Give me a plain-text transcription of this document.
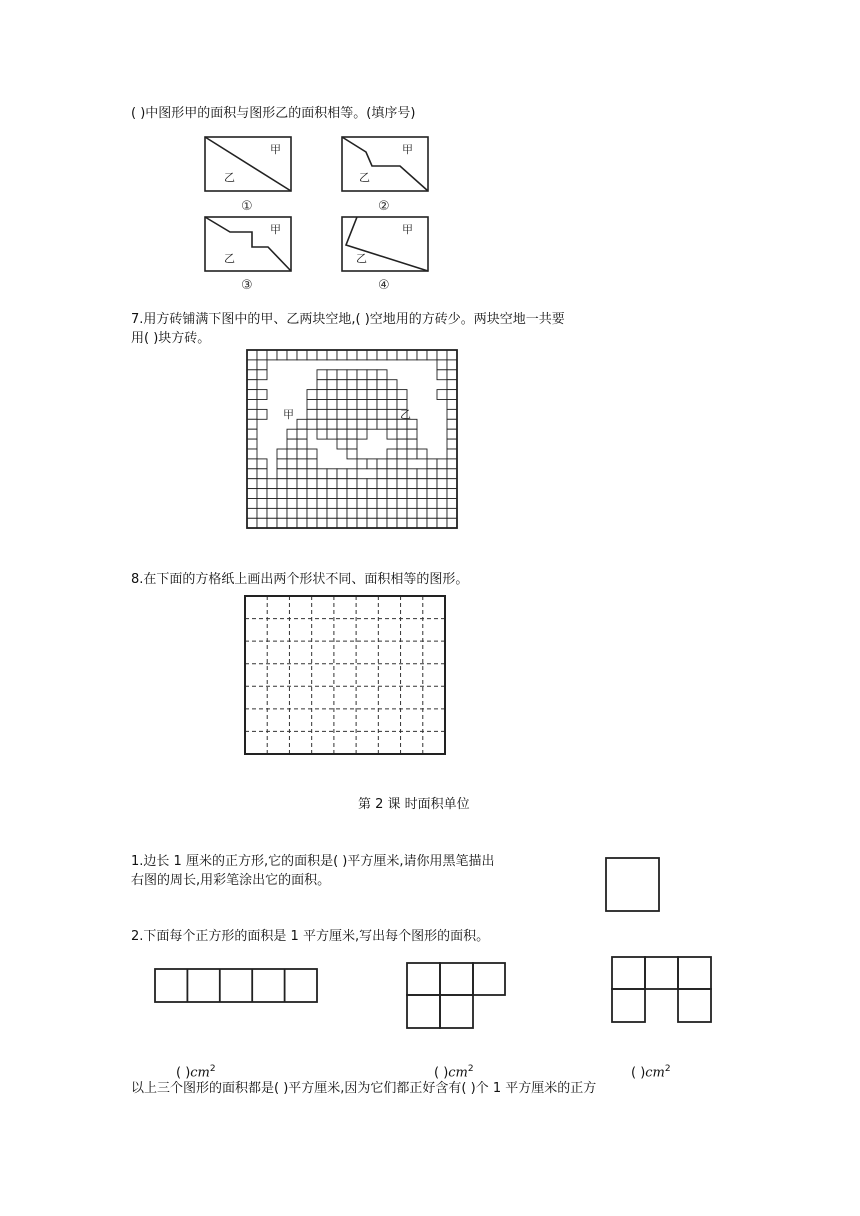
( )中图形甲的面积与图形乙的面积相等。(填序号)
甲
乙
①
甲
乙
②
甲
乙
③
甲
乙
④
7.用方砖铺满下图中的甲、乙两块空地,( )空地用的方砖少。两块空地一共要
用( )块方砖。
甲	乙
8.在下面的方格纸上画出两个形状不同、面积相等的图形。
第 2 课 时面积单位
1.边长 1 厘米的正方形,它的面积是( )平方厘米,请你用黑笔描出
右图的周长,用彩笔涂出它的面积。
2.下面每个正方形的面积是 1 平方厘米,写出每个图形的面积。
( )$cm^2$	( )$cm^2$	( )$cm^2$
以上三个图形的面积都是( )平方厘米,因为它们都正好含有( )个 1 平方厘米的正方
